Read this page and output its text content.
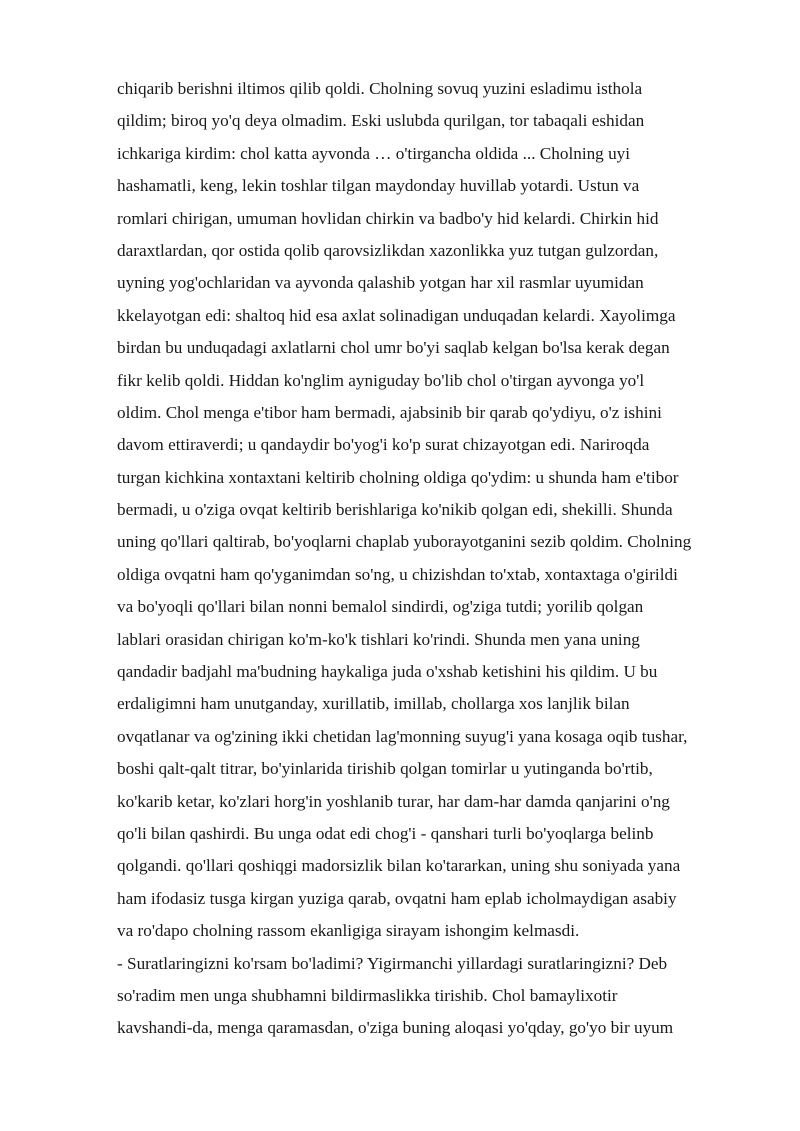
chiqarib berishni iltimos qilib qoldi. Cholning sovuq yuzini esladimu isthola
qildim; biroq yo'q deya olmadim. Eski uslubda qurilgan, tor tabaqali eshidan
ichkariga kirdim: chol katta ayvonda … o'tirgancha oldida ... Cholning uyi
hashamatli, keng, lekin toshlar tilgan maydonday huvillab yotardi. Ustun va
romlari chirigan, umuman hovlidan chirkin va badbo'y hid kelardi. Chirkin hid
daraxtlardan, qor ostida qolib qarovsizlikdan xazonlikka yuz tutgan gulzordan,
uyning yog'ochlaridan va ayvonda qalashib yotgan har xil rasmlar uyumidan
kkelayotgan edi: shaltoq hid esa axlat solinadigan unduqadan kelardi. Xayolimga
birdan bu unduqadagi axlatlarni chol umr bo'yi saqlab kelgan bo'lsa kerak degan
fikr kelib qoldi. Hiddan ko'nglim ayniguday bo'lib chol o'tirgan ayvonga yo'l
oldim. Chol menga e'tibor ham bermadi, ajabsinib bir qarab qo'ydiyu, o'z ishini
davom ettiraverdi; u qandaydir bo'yog'i ko'p surat chizayotgan edi. Nariroqda
turgan kichkina xontaxtani keltirib cholning oldiga qo'ydim: u shunda ham e'tibor
bermadi, u o'ziga ovqat keltirib berishlariga ko'nikib qolgan edi, shekilli. Shunda
uning qo'llari qaltirab, bo'yoqlarni chaplab yuborayotganini sezib qoldim. Cholning
oldiga ovqatni ham qo'yganimdan so'ng, u chizishdan to'xtab, xontaxtaga o'girildi
va bo'yoqli qo'llari bilan nonni bemalol sindirdi, og'ziga tutdi; yorilib qolgan
lablari orasidan chirigan ko'm-ko'k tishlari ko'rindi. Shunda men yana uning
qandadir badjahl ma'budning haykaliga juda o'xshab ketishini his qildim. U bu
erdaligimni ham unutganday, xurillatib, imillab, chollarga xos lanjlik bilan
ovqatlanar va og'zining ikki chetidan lag'monning suyug'i yana kosaga oqib tushar,
boshi qalt-qalt titrar, bo'yinlarida tirishib qolgan tomirlar u yutinganda bo'rtib,
ko'karib ketar, ko'zlari horg'in yoshlanib turar, har dam-har damda qanjarini o'ng
qo'li bilan qashirdi. Bu unga odat edi chog'i - qanshari turli bo'yoqlarga belinb
qolgandi. qo'llari qoshiqgi madorsizlik bilan ko'tararkan, uning shu soniyada yana
ham ifodasiz tusga kirgan yuziga qarab, ovqatni ham eplab icholmaydigan asabiy
va ro'dapo cholning rassom ekanligiga sirayam ishongim kelmasdi.
- Suratlaringizni ko'rsam bo'ladimi? Yigirmanchi yillardagi suratlaringizni? Deb
so'radim men unga shubhamni bildirmaslikka tirishib. Chol bamaylixotir
kavshandi-da, menga qaramasdan, o'ziga buning aloqasi yo'qday, go'yo bir uyum
